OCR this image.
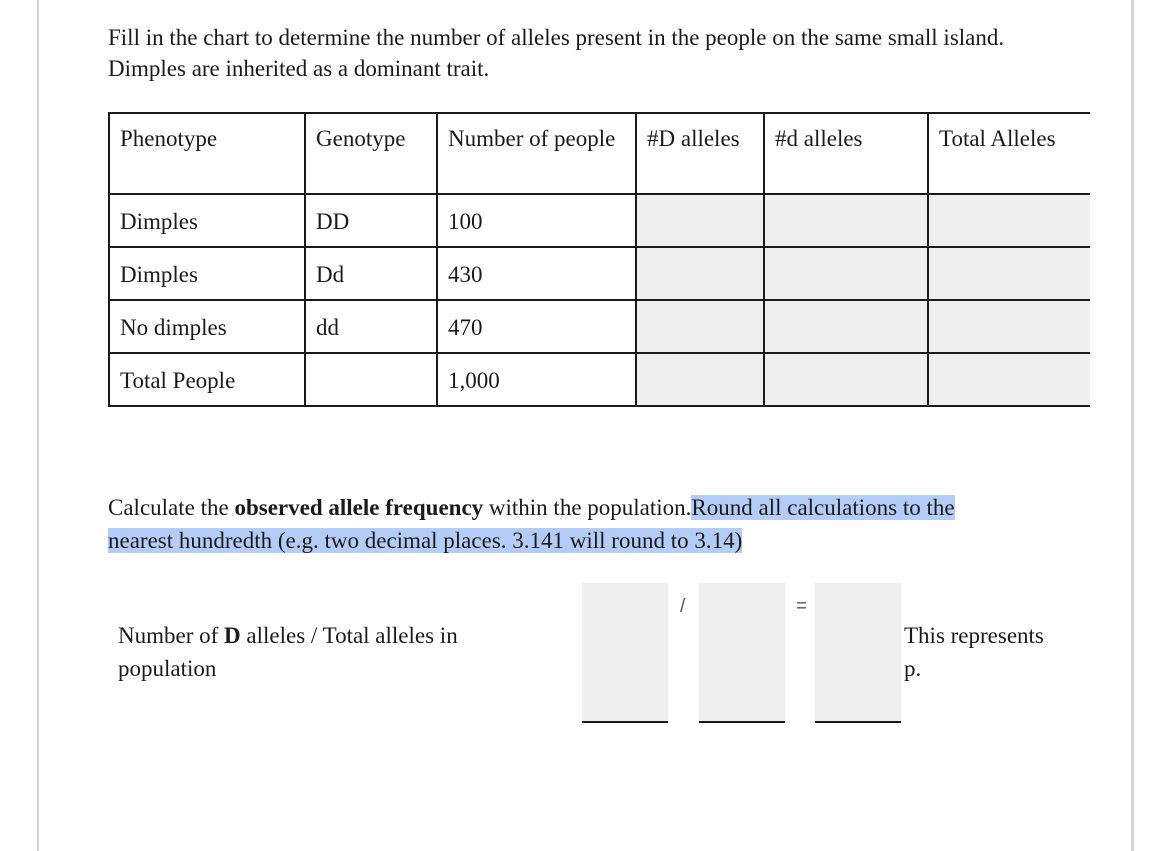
Fill in the chart to determine the number of alleles present in the people on the same small island.
Dimples are inherited as a dominant trait.
Phenotype	Genotype	Number of people	#D alleles	#d alleles	Total Alleles
Dimples	DD	100			
Dimples	Dd	430			
No dimples	dd	470			
Total People		1,000			
Calculate the observed allele frequency within the population.Round all calculations to the
nearest hundredth (e.g. two decimal places. 3.141 will round to 3.14)
Number of D alleles / Total alleles in
population
/	=
This represents
p.
